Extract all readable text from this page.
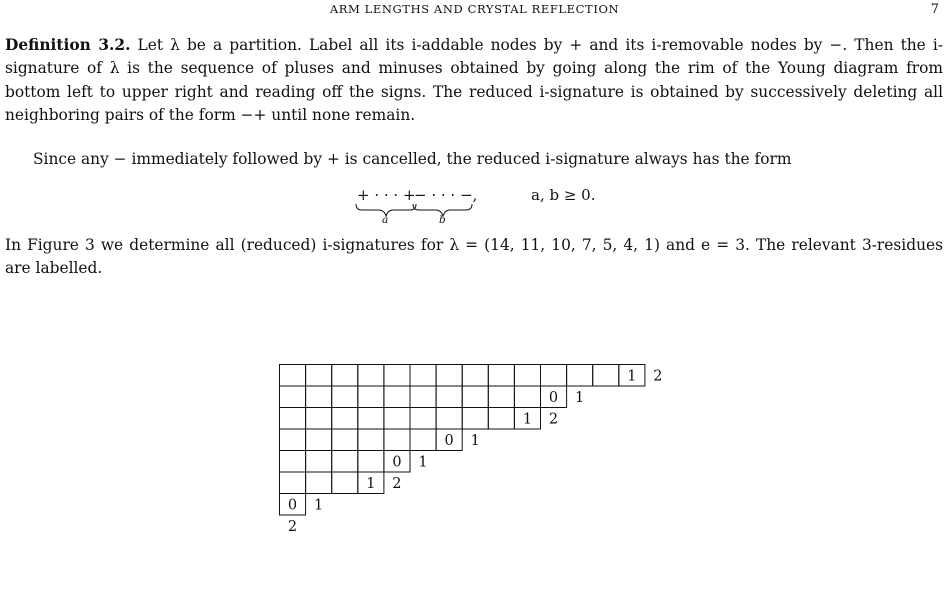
ARM LENGTHS AND CRYSTAL REFLECTION	7
Definition 3.2. Let λ be a partition. Label all its i-addable nodes by + and its i-removable nodes by −. Then the i-signature of λ is the sequence of pluses and minuses obtained by going along the rim of the Young diagram from bottom left to upper right and reading off the signs. The reduced i-signature is obtained by successively deleting all neighboring pairs of the form −+ until none remain.
Since any − immediately followed by + is cancelled, the reduced i-signature always has the form
+ · · · +
− · · · −,
a	b
a, b ≥ 0.
In Figure 3 we determine all (reduced) i-signatures for λ = (14, 11, 10, 7, 5, 4, 1) and e = 3. The relevant 3-residues are labelled.
1
0
1
0
0
1
0
2
1
2
1
1
2
1
2
